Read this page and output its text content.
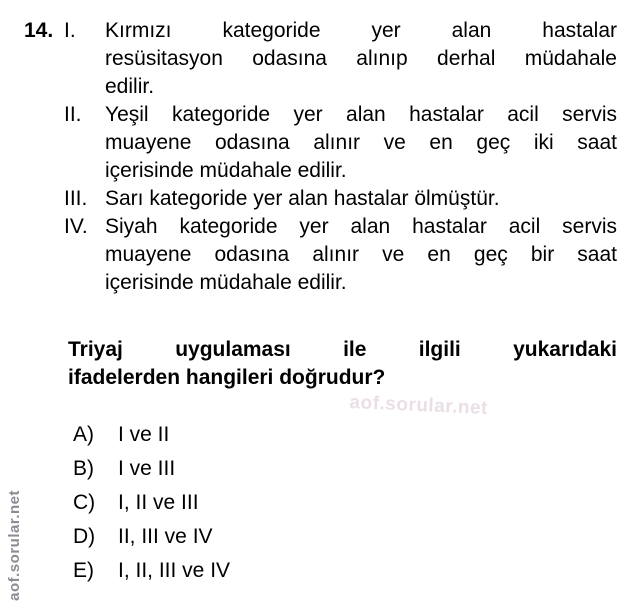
14. I.	Kırmızı kategoride yer alan hastalar
resüsitasyon odasına alınıp derhal müdahale
edilir.
II.	Yeşil kategoride yer alan hastalar acil servis
muayene odasına alınır ve en geç iki saat
içerisinde müdahale edilir.
III. Sarı kategoride yer alan hastalar ölmüştür.
IV. Siyah kategoride yer alan hastalar acil servis
muayene odasına alınır ve en geç bir saat
içerisinde müdahale edilir.
Triyaj uygulaması ile ilgili yukarıdaki
ifadelerden hangileri doğrudur?
aof.sorular.net
A)	I ve II
B)	I ve III
C)	I, II ve III
D)	II, III ve IV
E)	I, II, III ve IV
aof.sorular.net
